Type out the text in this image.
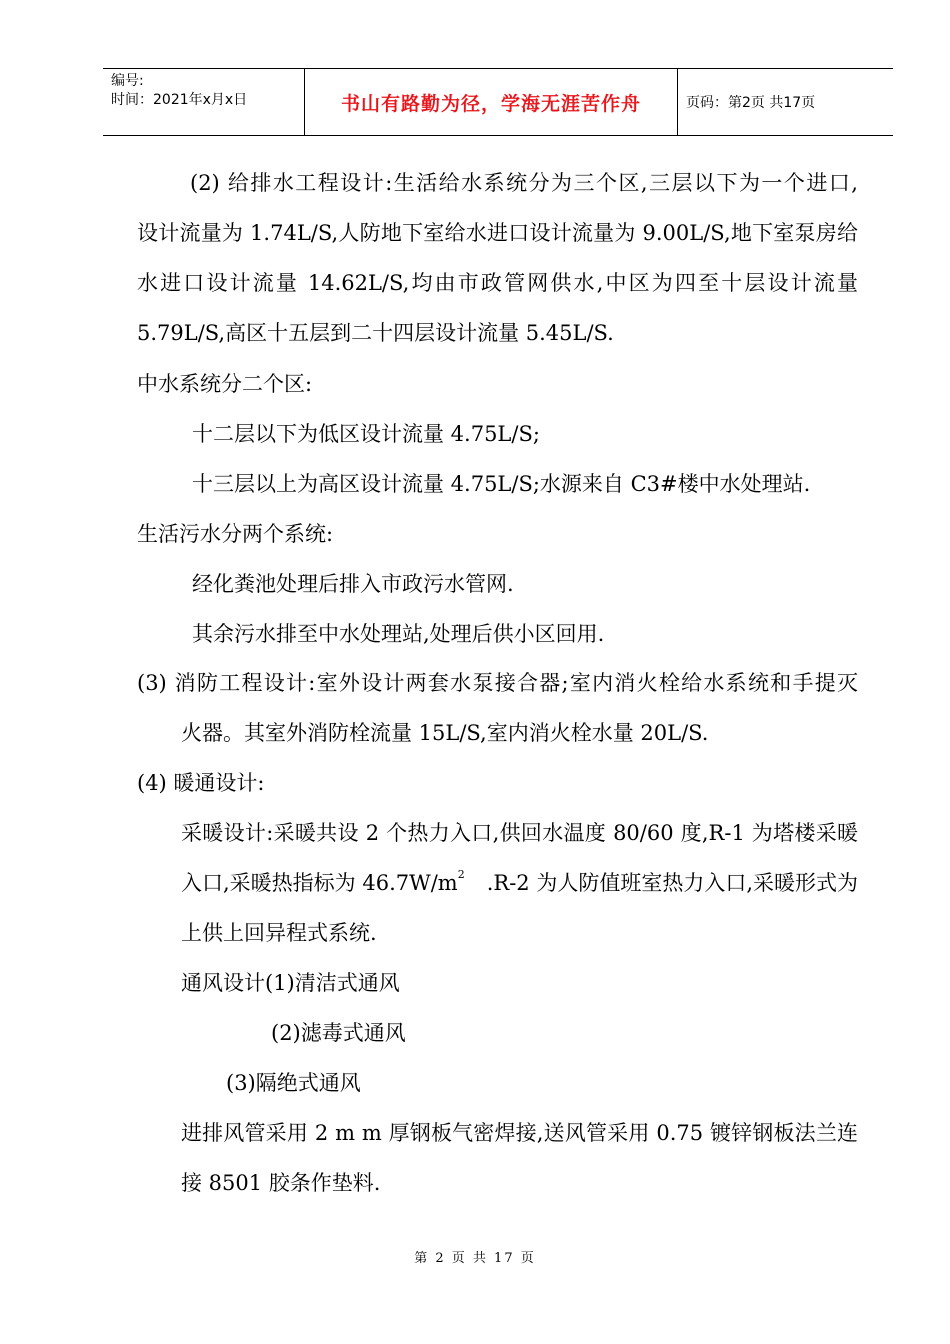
编号:
时间：2021年x月x日	书山有路勤为径，学海无涯苦作舟	页码：第2页 共17页
(2) 给排水工程设计:生活给水系统分为三个区,三层以下为一个进口,
设计流量为 1.74L/S,人防地下室给水进口设计流量为 9.00L/S,地下室泵房给
水进口设计流量 14.62L/S,均由市政管网供水,中区为四至十层设计流量
5.79L/S,高区十五层到二十四层设计流量 5.45L/S.
中水系统分二个区:
十二层以下为低区设计流量 4.75L/S;
十三层以上为高区设计流量 4.75L/S;水源来自 C3#楼中水处理站.
生活污水分两个系统:
经化粪池处理后排入市政污水管网.
其余污水排至中水处理站,处理后供小区回用.
(3) 消防工程设计:室外设计两套水泵接合器;室内消火栓给水系统和手提灭
火器。其室外消防栓流量 15L/S,室内消火栓水量 20L/S.
(4) 暖通设计:
采暖设计:采暖共设 2 个热力入口,供回水温度 80/60 度,R-1 为塔楼采暖
入口,采暖热指标为 $46.7W/m^2$ .R-2 为人防值班室热力入口,采暖形式为
上供上回异程式系统.
通风设计(1)清洁式通风
(2)滤毒式通风
(3)隔绝式通风
进排风管采用 2 m m 厚钢板气密焊接,送风管采用 0.75 镀锌钢板法兰连
接 8501 胶条作垫料.
第 2 页 共 17 页
